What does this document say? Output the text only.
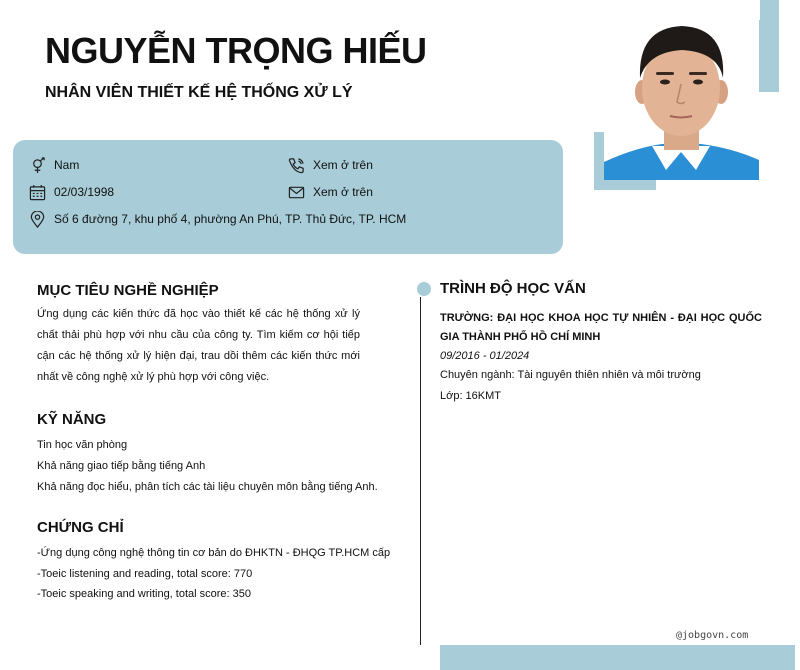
NGUYỄN TRỌNG HIẾU
NHÂN VIÊN THIẾT KẾ HỆ THỐNG XỬ LÝ
Nam
02/03/1998
Số 6 đường 7, khu phố 4, phường An Phú, TP. Thủ Đức, TP. HCM
Xem ở trên
Xem ở trên
MỤC TIÊU NGHỀ NGHIỆP
Ứng dụng các kiến thức đã học vào thiết kế các hệ thống xử lý chất thải phù hợp với nhu cầu của công ty. Tìm kiếm cơ hội tiếp cận các hệ thống xử lý hiện đại, trau dồi thêm các kiến thức mới nhất về công nghệ xử lý phù hợp với công việc.
KỸ NĂNG
Tin học văn phòng
Khả năng giao tiếp bằng tiếng Anh
Khả năng đọc hiểu, phân tích các tài liệu chuyên môn bằng tiếng Anh.
CHỨNG CHỈ
-Ứng dụng công nghệ thông tin cơ bản do ĐHKTN - ĐHQG TP.HCM cấp
-Toeic listening and reading, total score: 770
-Toeic speaking and writing, total score: 350
TRÌNH ĐỘ HỌC VẤN
TRƯỜNG: ĐẠI HỌC KHOA HỌC TỰ NHIÊN - ĐẠI HỌC QUỐC GIA THÀNH PHỐ HỒ CHÍ MINH
09/2016 - 01/2024
Chuyên ngành: Tài nguyên thiên nhiên và môi trường
Lớp: 16KMT
@jobgovn.com
